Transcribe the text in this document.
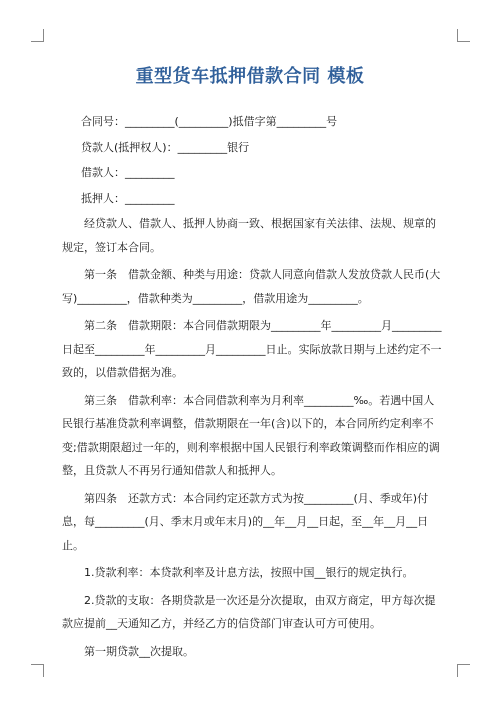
重型货车抵押借款合同 模板

合同号：_________(_________)抵借字第_________号

贷款人(抵押权人)：_________银行

借款人：_________

抵押人：_________

经贷款人、借款人、抵押人协商一致、根据国家有关法律、法规、规章的规定，签订本合同。

第一条　借款金额、种类与用途：贷款人同意向借款人发放贷款人民币(大写)_________，借款种类为_________，借款用途为_________。

第二条　借款期限：本合同借款期限为_________年_________月_________日起至_________年_________月_________日止。实际放款日期与上述约定不一致的，以借款借据为准。

第三条　借款利率：本合同借款利率为月利率_________‰。若遇中国人民银行基准贷款利率调整，借款期限在一年(含)以下的，本合同所约定利率不变;借款期限超过一年的，则利率根据中国人民银行利率政策调整而作相应的调整，且贷款人不再另行通知借款人和抵押人。

第四条　还款方式：本合同约定还款方式为按_________(月、季或年)付息，每_________(月、季末月或年末月)的__年__月__日起，至__年__月__日止。

1.贷款利率：本贷款利率及计息方法，按照中国__银行的规定执行。

2.贷款的支取：各期贷款是一次还是分次提取，由双方商定，甲方每次提款应提前__天通知乙方，并经乙方的信贷部门审查认可方可使用。

第一期贷款__次提取。
